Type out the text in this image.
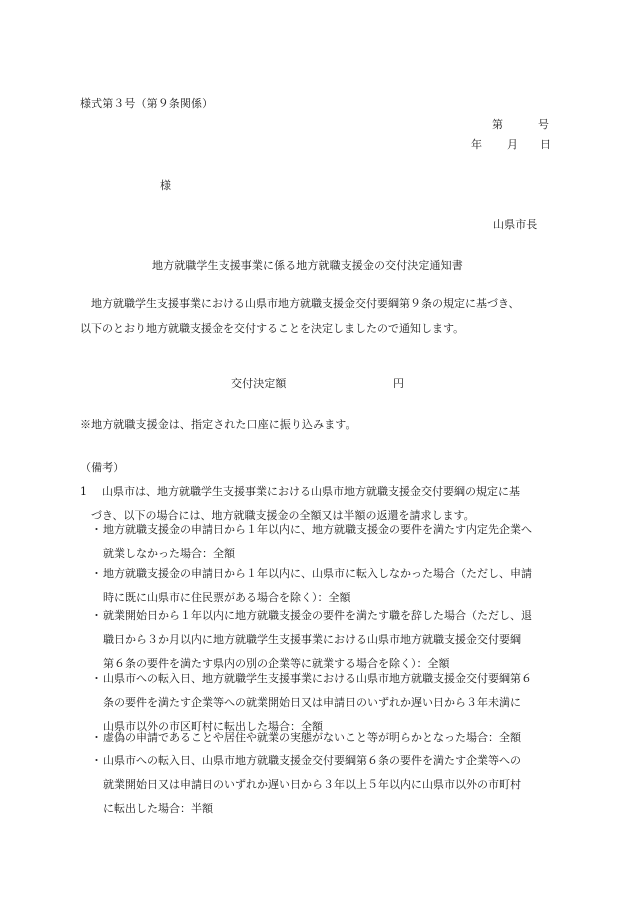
様式第３号（第９条関係）
第	号
年 月 日
様
山県市長
地方就職学生支援事業に係る地方就職支援金の交付決定通知書

地方就職学生支援事業における山県市地方就職支援金交付要綱第９条の規定に基づき、

以下のとおり地方就職支援金を交付することを決定しましたので通知します。

交付決定額	円
※地方就職支援金は、指定された口座に振り込みます。
（備考）
1	山県市は、地方就職学生支援事業における山県市地方就職支援金交付要綱の規定に基

づき、以下の場合には、地方就職支援金の全額又は半額の返還を請求します。

・ 地方就職支援金の申請日から１年以内に、地方就職支援金の要件を満たす内定先企業へ

就業しなかった場合：全額

・ 地方就職支援金の申請日から１年以内に、山県市に転入しなかった場合（ただし、申請

時に既に山県市に住民票がある場合を除く）：全額

・ 就業開始日から１年以内に地方就職支援金の要件を満たす職を辞した場合（ただし、退

職日から３か月以内に地方就職学生支援事業における山県市地方就職支援金交付要綱

第６条の要件を満たす県内の別の企業等に就業する場合を除く）：全額

・ 山県市への転入日、地方就職学生支援事業における山県市地方就職支援金交付要綱第６

条の要件を満たす企業等への就業開始日又は申請日のいずれか遅い日から３年未満に

山県市以外の市区町村に転出した場合：全額

・ 虚偽の申請であることや居住や就業の実態がないこと等が明らかとなった場合：全額

・ 山県市への転入日、山県市地方就職支援金交付要綱第６条の要件を満たす企業等への

就業開始日又は申請日のいずれか遅い日から３年以上５年以内に山県市以外の市町村

に転出した場合：半額
